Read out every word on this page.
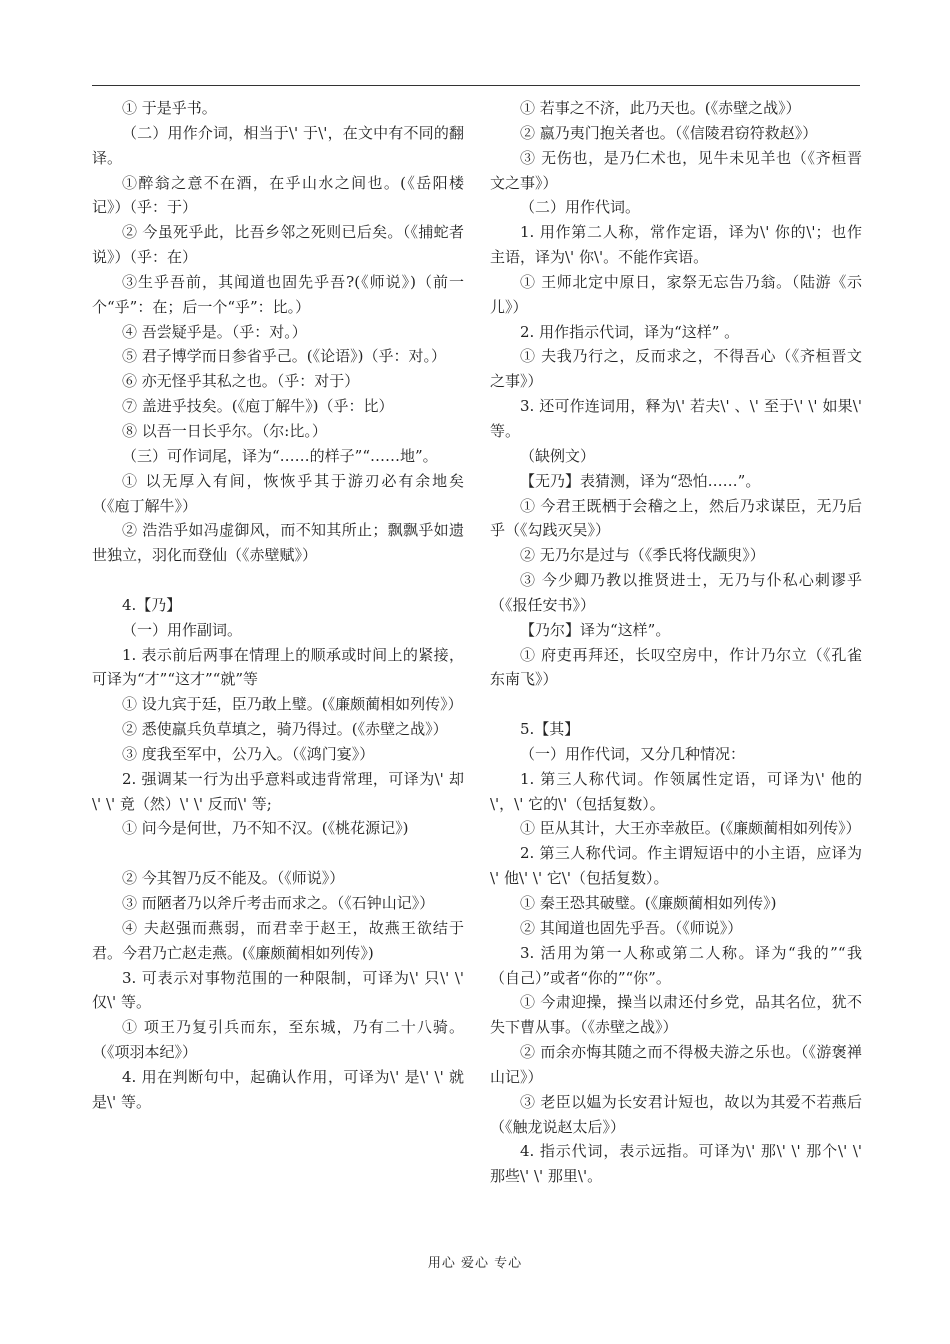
① 于是乎书。

（二）用作介词，相当于\' 于\'，在文中有不同的翻译。

①醉翁之意不在酒，在乎山水之间也。(《岳阳楼记》）（乎：于）

② 今虽死乎此，比吾乡邻之死则已后矣。（《捕蛇者说》）（乎：在）

③生乎吾前，其闻道也固先乎吾?(《师说》)（前一个“乎”：在；后一个“乎”：比。）

④ 吾尝疑乎是。（乎：对。）

⑤ 君子博学而日参省乎己。(《论语》)（乎：对。）

⑥ 亦无怪乎其私之也。（乎：对于）

⑦ 盖进乎技矣。(《庖丁解牛》)（乎：比）

⑧ 以吾一日长乎尔。（尔:比。）

（三）可作词尾，译为“……的样子”“……地”。

① 以无厚入有间，恢恢乎其于游刃必有余地矣（《庖丁解牛》）

② 浩浩乎如冯虚御风，而不知其所止；飘飘乎如遗世独立，羽化而登仙（《赤壁赋》）

4.【乃】

（一）用作副词。

1. 表示前后两事在情理上的顺承或时间上的紧接，可译为“才”“这才”“就”等

① 设九宾于廷，臣乃敢上璧。(《廉颇蔺相如列传》）

② 悉使羸兵负草填之，骑乃得过。(《赤壁之战》）

③ 度我至军中，公乃入。（《鸿门宴》）

2. 强调某一行为出乎意料或违背常理，可译为\' 却\' \' 竟（然）\' \' 反而\' 等;

① 问今是何世，乃不知不汉。(《桃花源记》)

② 今其智乃反不能及。（《师说》）

③ 而陋者乃以斧斤考击而求之。（《石钟山记》）

④ 夫赵强而燕弱，而君幸于赵王，故燕王欲结于君。今君乃亡赵走燕。(《廉颇蔺相如列传》)

3. 可表示对事物范围的一种限制，可译为\' 只\' \' 仅\' 等。

① 项王乃复引兵而东，至东城，乃有二十八骑。（《项羽本纪》）

4. 用在判断句中，起确认作用，可译为\' 是\' \' 就是\' 等。

① 若事之不济，此乃天也。(《赤壁之战》）

② 嬴乃夷门抱关者也。（《信陵君窃符救赵》）

③ 无伤也，是乃仁术也，见牛未见羊也（《齐桓晋文之事》）

（二）用作代词。

1. 用作第二人称，常作定语，译为\' 你的\'；也作主语，译为\' 你\'。不能作宾语。

① 王师北定中原日，家祭无忘告乃翁。（陆游《示儿》）

2. 用作指示代词，译为“这样” 。

① 夫我乃行之，反而求之，不得吾心（《齐桓晋文之事》）

3. 还可作连词用，释为\' 若夫\' 、\' 至于\' \' 如果\' 等。

（缺例文）

【无乃】表猜测，译为“恐怕……”。

① 今君王既栖于会稽之上，然后乃求谋臣，无乃后乎（《勾践灭吴》）

② 无乃尔是过与（《季氏将伐颛臾》）

③ 今少卿乃教以推贤进士，无乃与仆私心刺谬乎（《报任安书》）

【乃尔】译为“这样”。

① 府吏再拜还，长叹空房中，作计乃尔立（《孔雀东南飞》）

5.【其】

（一）用作代词，又分几种情况：

1. 第三人称代词。作领属性定语，可译为\' 他的\'，\' 它的\'（包括复数）。

① 臣从其计，大王亦幸赦臣。(《廉颇蔺相如列传》）

2. 第三人称代词。作主谓短语中的小主语，应译为\' 他\' \' 它\'（包括复数）。

① 秦王恐其破璧。(《廉颇蔺相如列传》)

② 其闻道也固先乎吾。（《师说》）

3. 活用为第一人称或第二人称。译为“我的”“我（自己）”或者“你的”“你”。

① 今肃迎操，操当以肃还付乡党，品其名位，犹不失下曹从事。（《赤壁之战》）

② 而余亦悔其随之而不得极夫游之乐也。（《游褒禅山记》）

③ 老臣以媪为长安君计短也，故以为其爱不若燕后（《触龙说赵太后》）

4. 指示代词，表示远指。可译为\' 那\' \' 那个\' \' 那些\' \' 那里\'。

用心 爱心 专心
